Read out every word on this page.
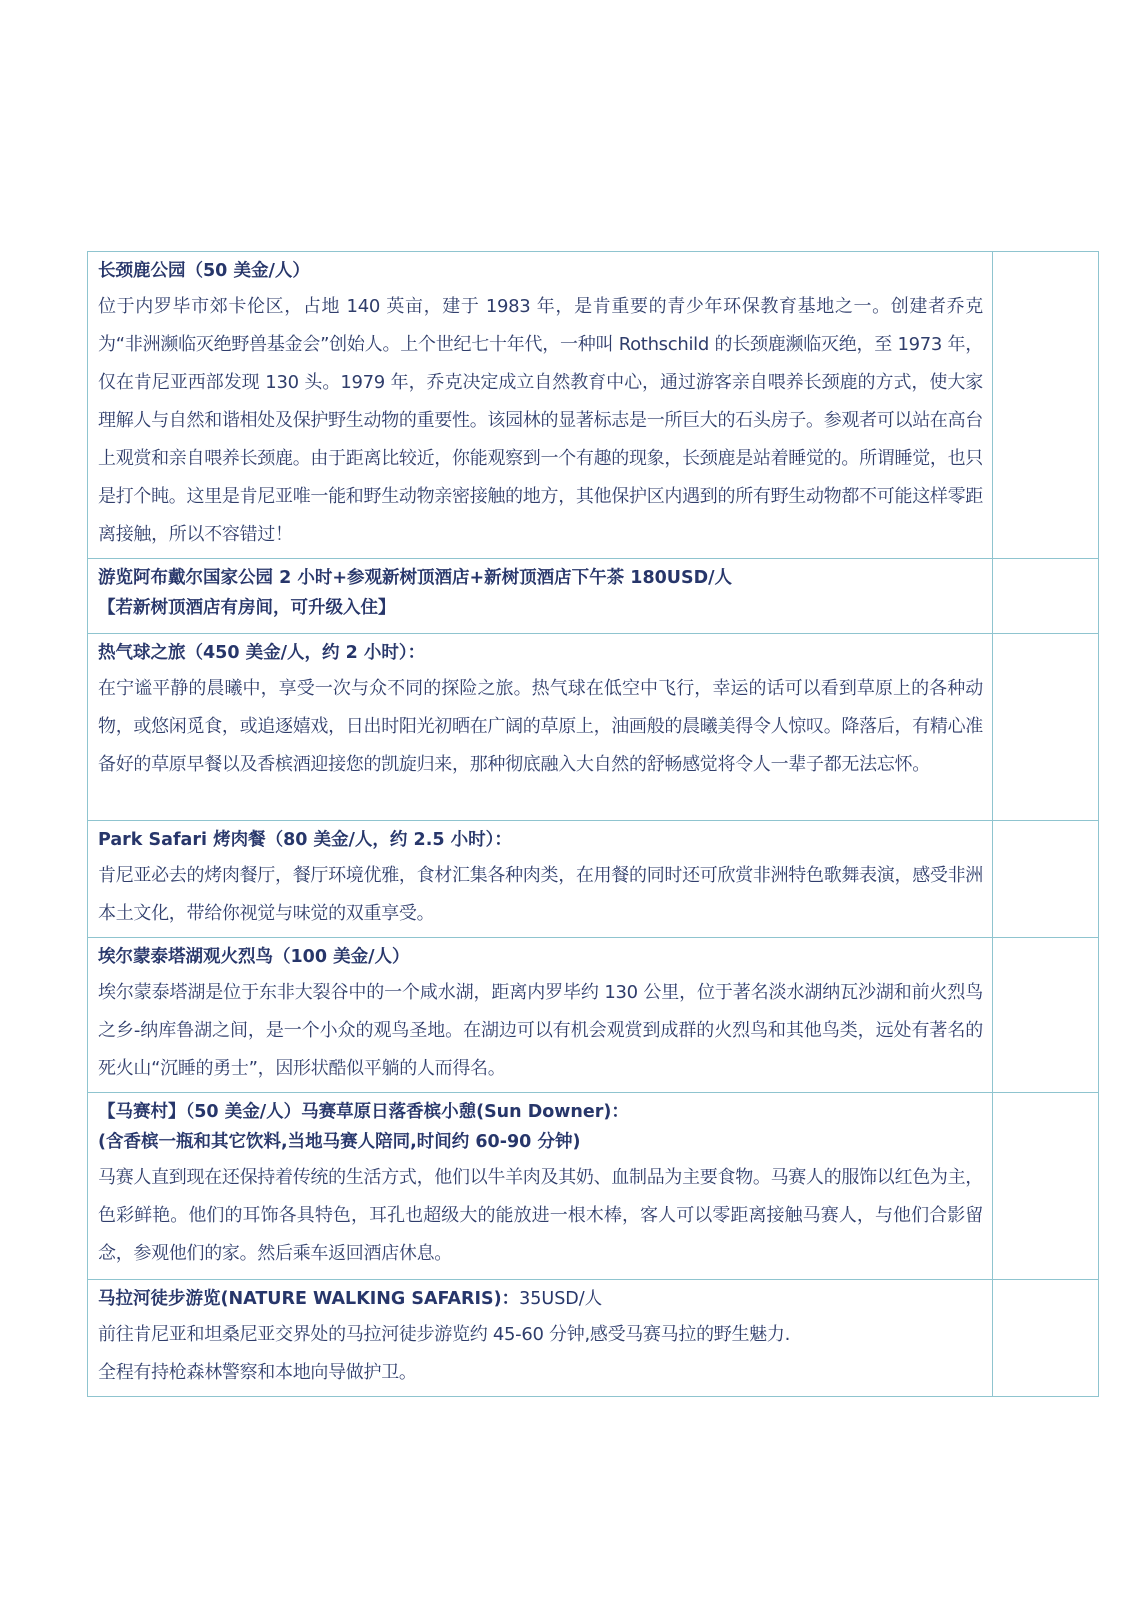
长颈鹿公园（50 美金/人）

位于内罗毕市郊卡伦区，占地 140 英亩，建于 1983 年，是肯重要的青少年环保教育基地之一。创建者乔克为“非洲濒临灭绝野兽基金会”创始人。上个世纪七十年代，一种叫 Rothschild 的长颈鹿濒临灭绝，至 1973 年，仅在肯尼亚西部发现 130 头。1979 年，乔克决定成立自然教育中心，通过游客亲自喂养长颈鹿的方式，使大家理解人与自然和谐相处及保护野生动物的重要性。该园林的显著标志是一所巨大的石头房子。参观者可以站在高台上观赏和亲自喂养长颈鹿。由于距离比较近，你能观察到一个有趣的现象，长颈鹿是站着睡觉的。所谓睡觉，也只是打个盹。这里是肯尼亚唯一能和野生动物亲密接触的地方，其他保护区内遇到的所有野生动物都不可能这样零距离接触，所以不容错过！	

游览阿布戴尔国家公园 2 小时+参观新树顶酒店+新树顶酒店下午茶 180USD/人
【若新树顶酒店有房间，可升级入住】	

热气球之旅（450 美金/人，约 2 小时）：

在宁谧平静的晨曦中，享受一次与众不同的探险之旅。热气球在低空中飞行，幸运的话可以看到草原上的各种动物，或悠闲觅食，或追逐嬉戏，日出时阳光初晒在广阔的草原上，油画般的晨曦美得令人惊叹。降落后，有精心准备好的草原早餐以及香槟酒迎接您的凯旋归来，那种彻底融入大自然的舒畅感觉将令人一辈子都无法忘怀。	

Park Safari 烤肉餐（80 美金/人，约 2.5 小时）：

肯尼亚必去的烤肉餐厅，餐厅环境优雅，食材汇集各种肉类，在用餐的同时还可欣赏非洲特色歌舞表演，感受非洲本土文化，带给你视觉与味觉的双重享受。	

埃尔蒙泰塔湖观火烈鸟（100 美金/人）

埃尔蒙泰塔湖是位于东非大裂谷中的一个咸水湖，距离内罗毕约 130 公里，位于著名淡水湖纳瓦沙湖和前火烈鸟之乡-纳库鲁湖之间，是一个小众的观鸟圣地。在湖边可以有机会观赏到成群的火烈鸟和其他鸟类，远处有著名的死火山“沉睡的勇士”，因形状酷似平躺的人而得名。	

【马赛村】（50 美金/人）马赛草原日落香槟小憩(Sun Downer)：
(含香槟一瓶和其它饮料,当地马赛人陪同,时间约 60-90 分钟)

马赛人直到现在还保持着传统的生活方式，他们以牛羊肉及其奶、血制品为主要食物。马赛人的服饰以红色为主，色彩鲜艳。他们的耳饰各具特色，耳孔也超级大的能放进一根木棒，客人可以零距离接触马赛人，与他们合影留念，参观他们的家。然后乘车返回酒店休息。	

马拉河徒步游览(NATURE WALKING SAFARIS)：35USD/人

前往肯尼亚和坦桑尼亚交界处的马拉河徒步游览约 45-60 分钟,感受马赛马拉的野生魅力.

全程有持枪森林警察和本地向导做护卫。	
